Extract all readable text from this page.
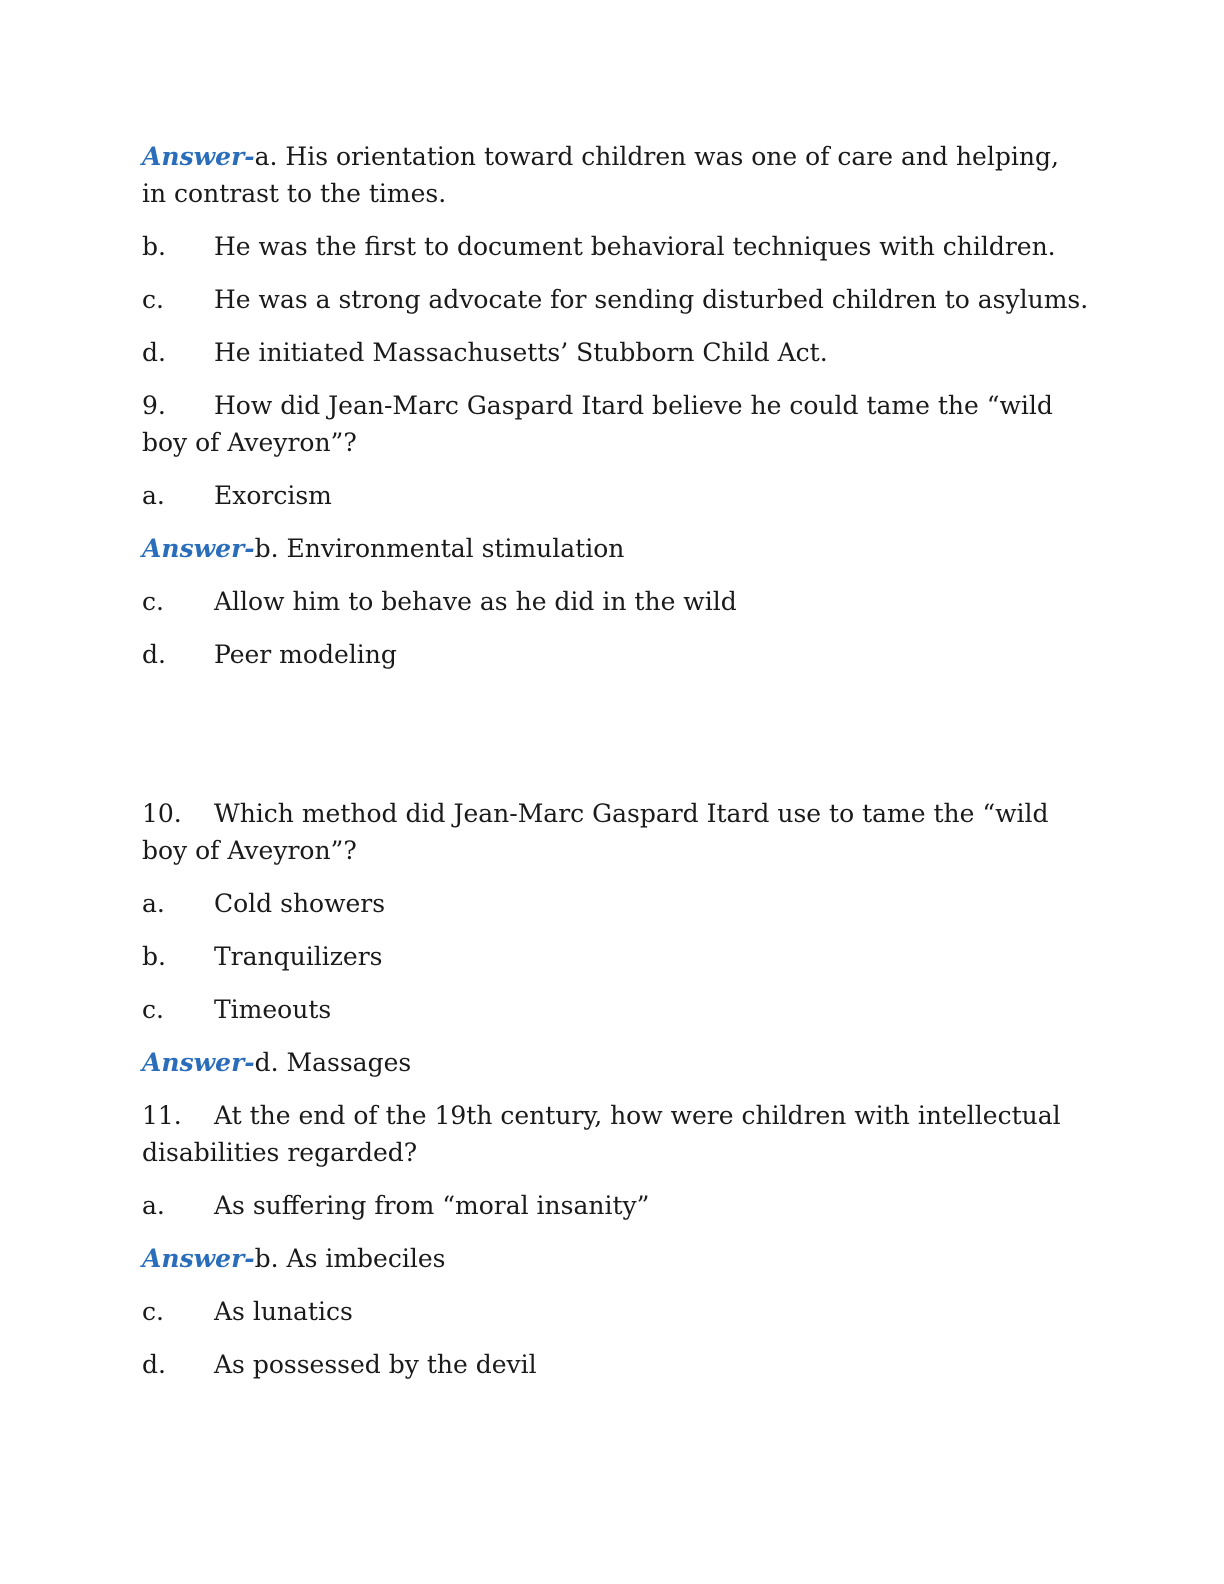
Answer-a. His orientation toward children was one of care and helping, in contrast to the times.
b.	He was the first to document behavioral techniques with children.
c.	He was a strong advocate for sending disturbed children to asylums.
d.	He initiated Massachusetts’ Stubborn Child Act.
9. How did Jean-Marc Gaspard Itard believe he could tame the “wild boy of Aveyron”?
a.	Exorcism
Answer-b. Environmental stimulation
c.	Allow him to behave as he did in the wild
d.	Peer modeling
10. Which method did Jean-Marc Gaspard Itard use to tame the “wild boy of Aveyron”?
a.	Cold showers
b.	Tranquilizers
c.	Timeouts
Answer-d. Massages
11. At the end of the 19th century, how were children with intellectual disabilities regarded?
a.	As suffering from “moral insanity”
Answer-b. As imbeciles
c.	As lunatics
d.	As possessed by the devil
